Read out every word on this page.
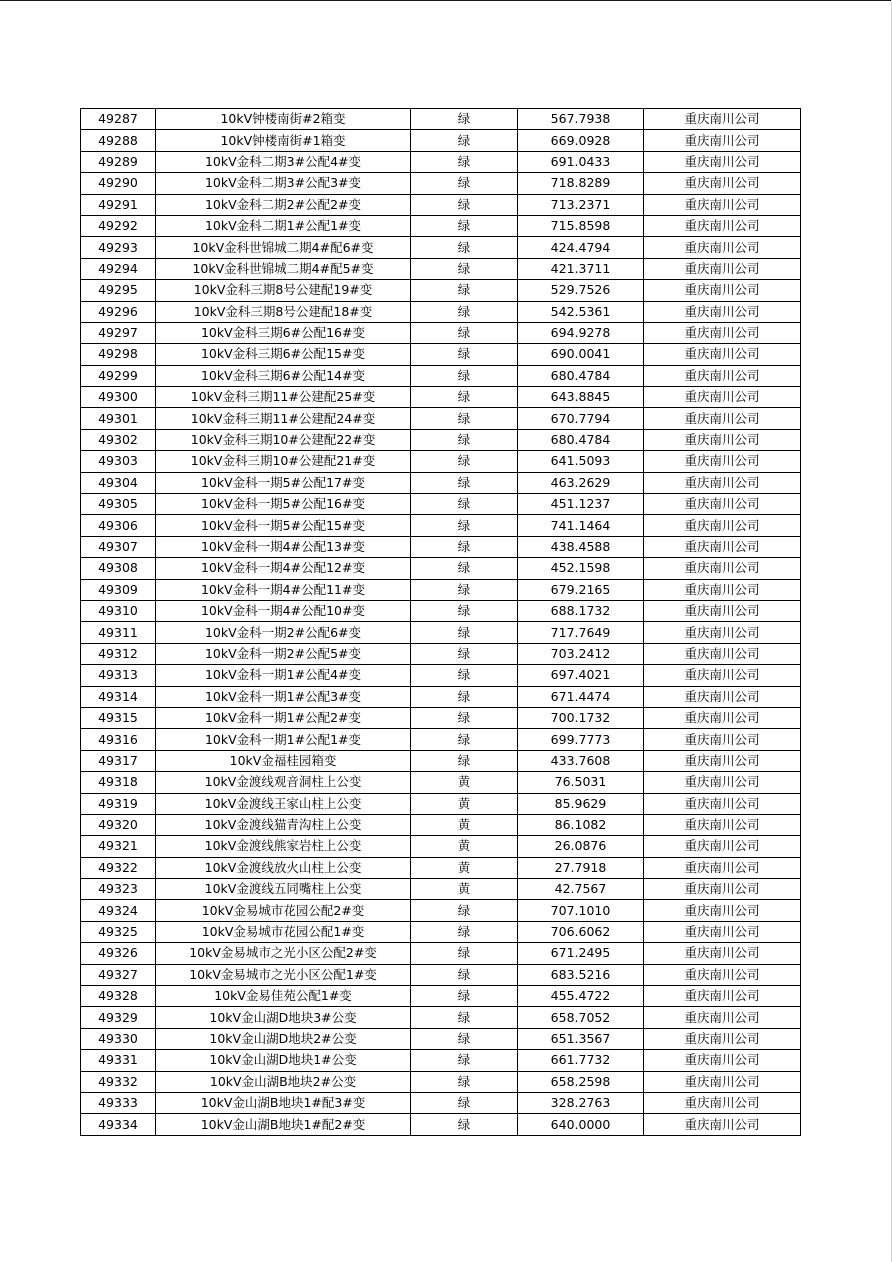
49287	10kV钟楼南街#2箱变	绿	567.7938	重庆南川公司
49288	10kV钟楼南街#1箱变	绿	669.0928	重庆南川公司
49289	10kV金科二期3#公配4#变	绿	691.0433	重庆南川公司
49290	10kV金科二期3#公配3#变	绿	718.8289	重庆南川公司
49291	10kV金科二期2#公配2#变	绿	713.2371	重庆南川公司
49292	10kV金科二期1#公配1#变	绿	715.8598	重庆南川公司
49293	10kV金科世锦城二期4#配6#变	绿	424.4794	重庆南川公司
49294	10kV金科世锦城二期4#配5#变	绿	421.3711	重庆南川公司
49295	10kV金科三期8号公建配19#变	绿	529.7526	重庆南川公司
49296	10kV金科三期8号公建配18#变	绿	542.5361	重庆南川公司
49297	10kV金科三期6#公配16#变	绿	694.9278	重庆南川公司
49298	10kV金科三期6#公配15#变	绿	690.0041	重庆南川公司
49299	10kV金科三期6#公配14#变	绿	680.4784	重庆南川公司
49300	10kV金科三期11#公建配25#变	绿	643.8845	重庆南川公司
49301	10kV金科三期11#公建配24#变	绿	670.7794	重庆南川公司
49302	10kV金科三期10#公建配22#变	绿	680.4784	重庆南川公司
49303	10kV金科三期10#公建配21#变	绿	641.5093	重庆南川公司
49304	10kV金科一期5#公配17#变	绿	463.2629	重庆南川公司
49305	10kV金科一期5#公配16#变	绿	451.1237	重庆南川公司
49306	10kV金科一期5#公配15#变	绿	741.1464	重庆南川公司
49307	10kV金科一期4#公配13#变	绿	438.4588	重庆南川公司
49308	10kV金科一期4#公配12#变	绿	452.1598	重庆南川公司
49309	10kV金科一期4#公配11#变	绿	679.2165	重庆南川公司
49310	10kV金科一期4#公配10#变	绿	688.1732	重庆南川公司
49311	10kV金科一期2#公配6#变	绿	717.7649	重庆南川公司
49312	10kV金科一期2#公配5#变	绿	703.2412	重庆南川公司
49313	10kV金科一期1#公配4#变	绿	697.4021	重庆南川公司
49314	10kV金科一期1#公配3#变	绿	671.4474	重庆南川公司
49315	10kV金科一期1#公配2#变	绿	700.1732	重庆南川公司
49316	10kV金科一期1#公配1#变	绿	699.7773	重庆南川公司
49317	10kV金福桂园箱变	绿	433.7608	重庆南川公司
49318	10kV金渡线观音洞柱上公变	黄	76.5031	重庆南川公司
49319	10kV金渡线王家山柱上公变	黄	85.9629	重庆南川公司
49320	10kV金渡线猫青沟柱上公变	黄	86.1082	重庆南川公司
49321	10kV金渡线熊家岩柱上公变	黄	26.0876	重庆南川公司
49322	10kV金渡线放火山柱上公变	黄	27.7918	重庆南川公司
49323	10kV金渡线五同嘴柱上公变	黄	42.7567	重庆南川公司
49324	10kV金易城市花园公配2#变	绿	707.1010	重庆南川公司
49325	10kV金易城市花园公配1#变	绿	706.6062	重庆南川公司
49326	10kV金易城市之光小区公配2#变	绿	671.2495	重庆南川公司
49327	10kV金易城市之光小区公配1#变	绿	683.5216	重庆南川公司
49328	10kV金易佳苑公配1#变	绿	455.4722	重庆南川公司
49329	10kV金山湖D地块3#公变	绿	658.7052	重庆南川公司
49330	10kV金山湖D地块2#公变	绿	651.3567	重庆南川公司
49331	10kV金山湖D地块1#公变	绿	661.7732	重庆南川公司
49332	10kV金山湖B地块2#公变	绿	658.2598	重庆南川公司
49333	10kV金山湖B地块1#配3#变	绿	328.2763	重庆南川公司
49334	10kV金山湖B地块1#配2#变	绿	640.0000	重庆南川公司
